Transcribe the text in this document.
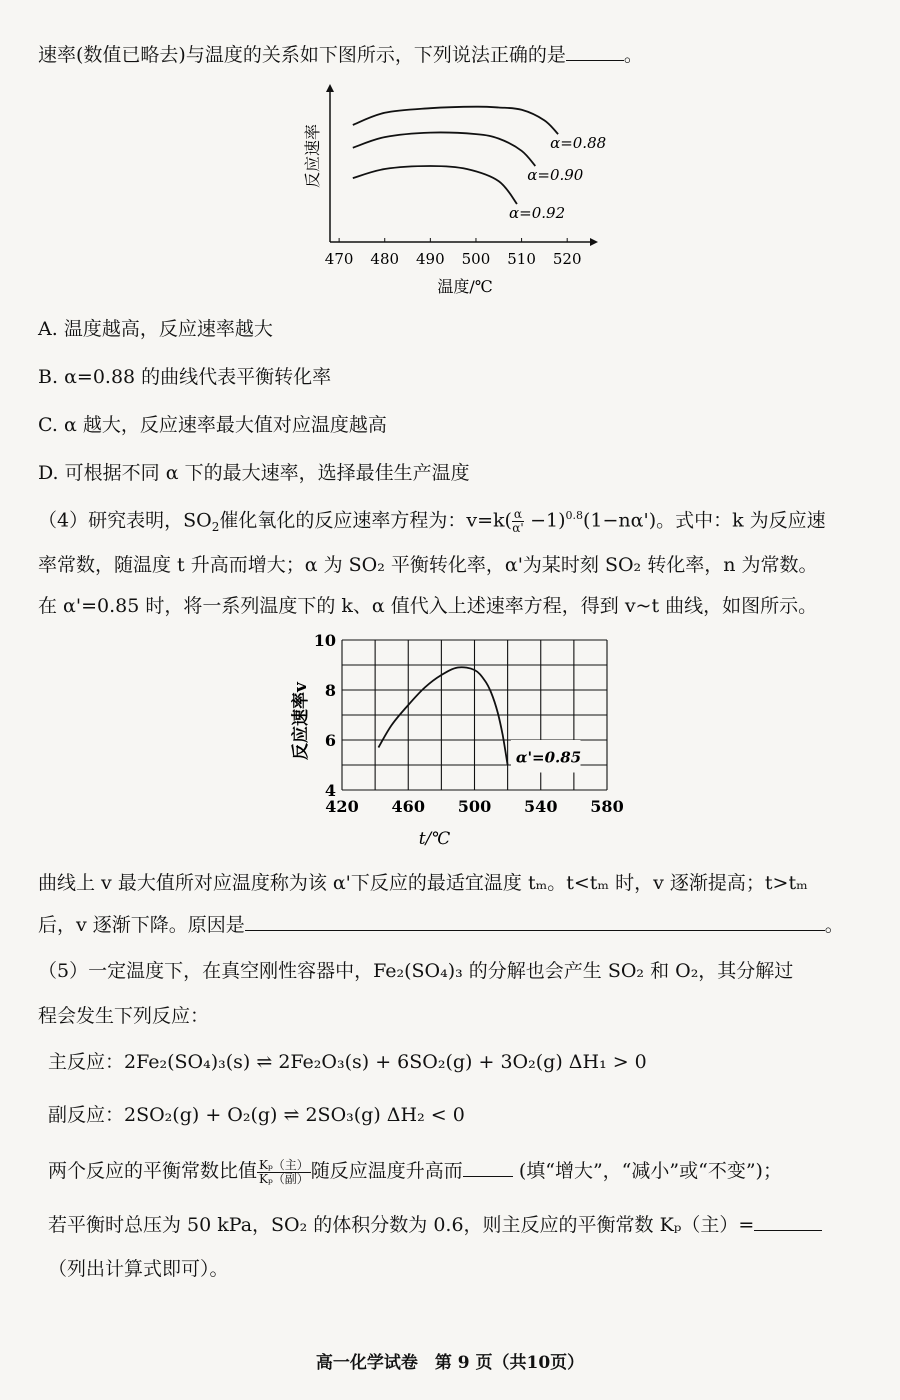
速率(数值已略去)与温度的关系如下图所示，下列说法正确的是	。
470 480 490 500 510 520
温度/℃
反应速率	α=0.88
α=0.90
α=0.92
A. 温度越高，反应速率越大
B. α=0.88 的曲线代表平衡转化率
C. α 越大，反应速率最大值对应温度越高
D. 可根据不同 α 下的最大速率，选择最佳生产温度
（4）研究表明，$SO_2$催化氧化的反应速率方程为：$v=k( \frac{\alpha}{\alpha'} -1)^{0.8}(1-n\alpha')$。式中：k 为反应速
率常数，随温度 t 升高而增大；α 为 SO₂ 平衡转化率，α'为某时刻 SO₂ 转化率，n 为常数。
在 α'=0.85 时，将一系列温度下的 k、α 值代入上述速率方程，得到 v~t 曲线，如图所示。
420 460 500 540 580
4
6
8
10
t/℃
反应速率v	α'=0.85
曲线上 v 最大值所对应温度称为该 α'下反应的最适宜温度 tₘ。t<tₘ 时，v 逐渐提高；t>tₘ
后，v 逐渐下降。原因是	。
（5）一定温度下，在真空刚性容器中，Fe₂(SO₄)₃ 的分解也会产生 SO₂ 和 O₂，其分解过
程会发生下列反应：
主反应：2Fe₂(SO₄)₃(s) ⇌ 2Fe₂O₃(s) + 6SO₂(g) + 3O₂(g) ΔH₁ > 0
副反应：2SO₂(g) + O₂(g) ⇌ 2SO₃(g) ΔH₂ < 0
两个反应的平衡常数比值 $\frac{\text{Kₚ（主）}}{\text{Kₚ（副）}}$ 随反应温度升高而	(填“增大”，“减小”或“不变”)；
若平衡时总压为 50 kPa，SO₂ 的体积分数为 0.6，则主反应的平衡常数 Kₚ（主）=
（列出计算式即可）。
高一化学试卷　第 9 页（共10页）
